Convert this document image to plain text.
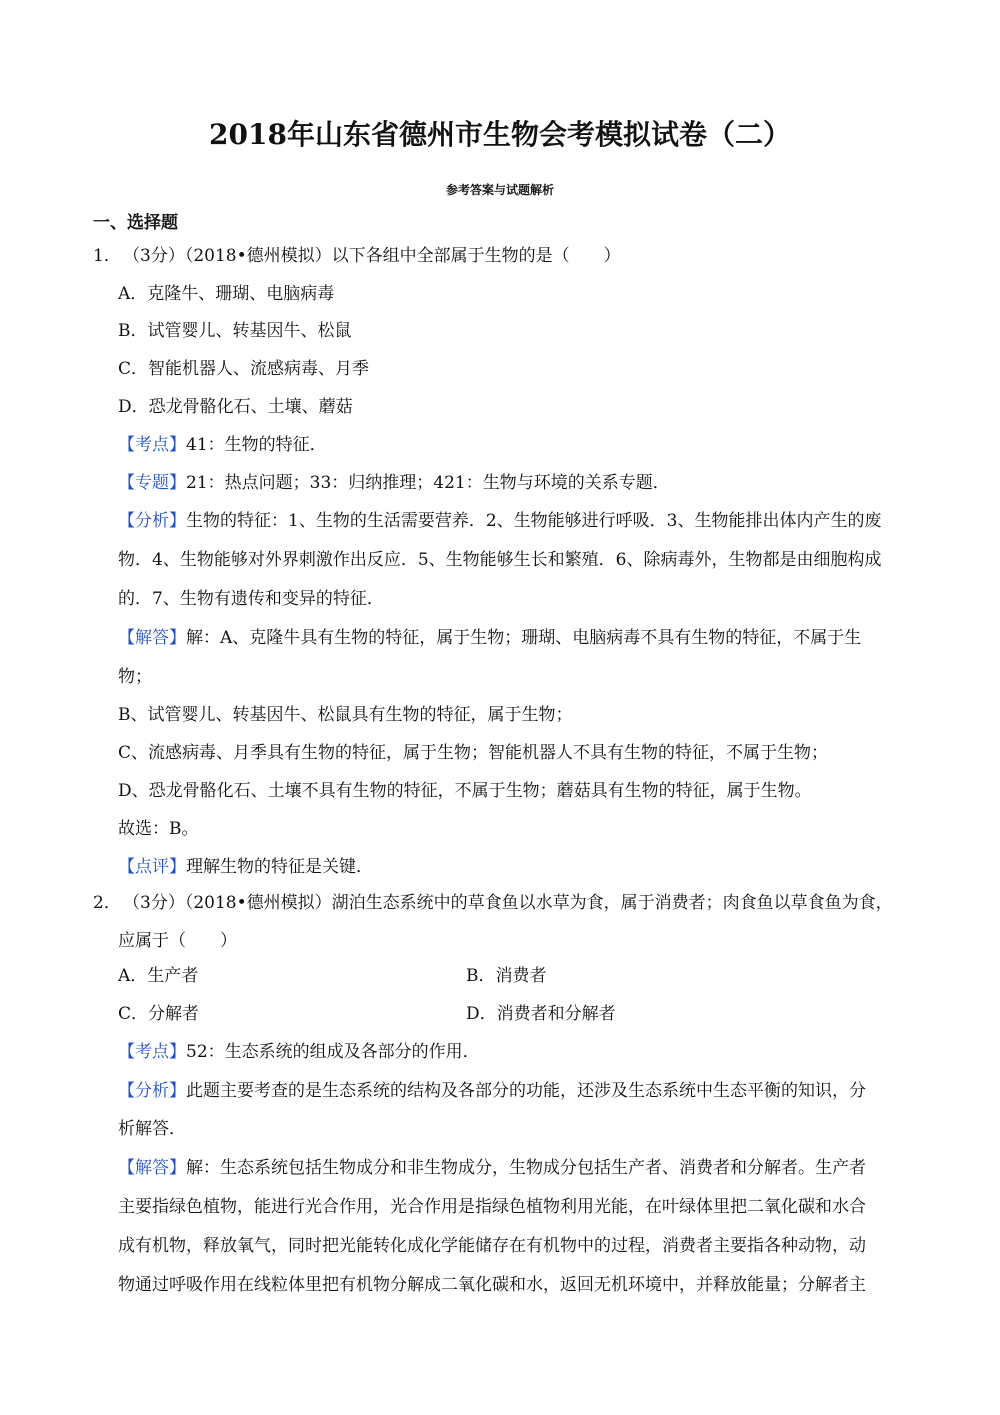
2018年山东省德州市生物会考模拟试卷（二）
参考答案与试题解析
一、选择题
1． （3分）（2018•德州模拟）以下各组中全部属于生物的是（　　）
A．克隆牛、珊瑚、电脑病毒
B．试管婴儿、转基因牛、松鼠
C．智能机器人、流感病毒、月季
D．恐龙骨骼化石、土壤、蘑菇
【考点】41：生物的特征．
【专题】21：热点问题；33：归纳推理；421：生物与环境的关系专题．
【分析】生物的特征：1、生物的生活需要营养．2、生物能够进行呼吸．3、生物能排出体内产生的废
物．4、生物能够对外界刺激作出反应．5、生物能够生长和繁殖．6、除病毒外，生物都是由细胞构成
的．7、生物有遗传和变异的特征．
【解答】解：A、克隆牛具有生物的特征，属于生物；珊瑚、电脑病毒不具有生物的特征，不属于生
物；
B、试管婴儿、转基因牛、松鼠具有生物的特征，属于生物；
C、流感病毒、月季具有生物的特征，属于生物；智能机器人不具有生物的特征，不属于生物；
D、恐龙骨骼化石、土壤不具有生物的特征，不属于生物；蘑菇具有生物的特征，属于生物。
故选：B。
【点评】理解生物的特征是关键．
2． （3分）（2018•德州模拟）湖泊生态系统中的草食鱼以水草为食，属于消费者；肉食鱼以草食鱼为食，
应属于（　　）
A．生产者	B．消费者
C．分解者	D．消费者和分解者
【考点】52：生态系统的组成及各部分的作用．
【分析】此题主要考查的是生态系统的结构及各部分的功能，还涉及生态系统中生态平衡的知识，分
析解答．
【解答】解：生态系统包括生物成分和非生物成分，生物成分包括生产者、消费者和分解者。生产者
主要指绿色植物，能进行光合作用，光合作用是指绿色植物利用光能，在叶绿体里把二氧化碳和水合
成有机物，释放氧气，同时把光能转化成化学能储存在有机物中的过程，消费者主要指各种动物，动
物通过呼吸作用在线粒体里把有机物分解成二氧化碳和水，返回无机环境中，并释放能量；分解者主
